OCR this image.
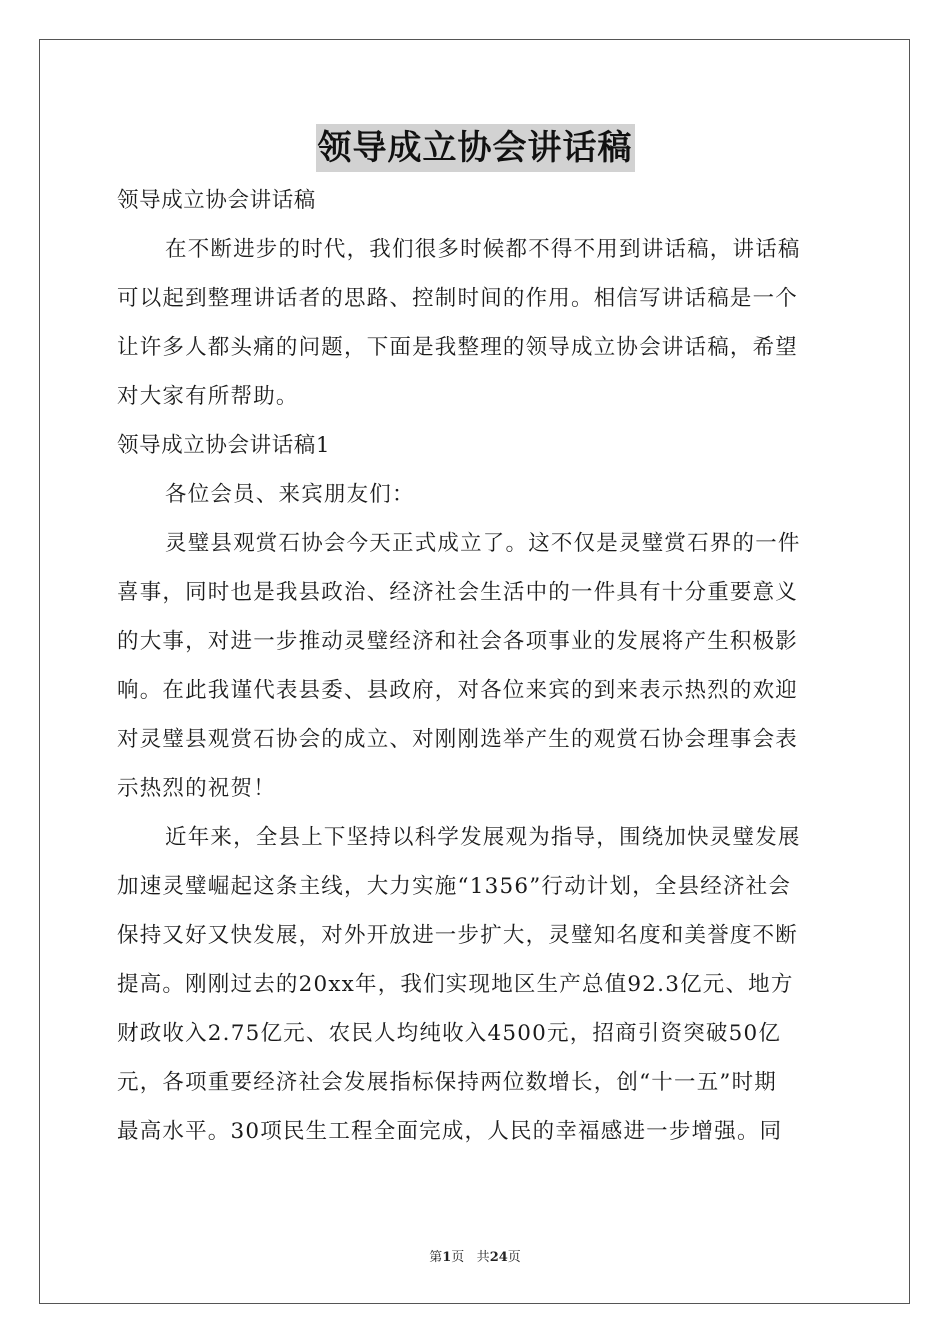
领导成立协会讲话稿
领导成立协会讲话稿
在不断进步的时代，我们很多时候都不得不用到讲话稿，讲话稿
可以起到整理讲话者的思路、控制时间的作用。相信写讲话稿是一个
让许多人都头痛的问题，下面是我整理的领导成立协会讲话稿，希望
对大家有所帮助。
领导成立协会讲话稿1
各位会员、来宾朋友们：
灵璧县观赏石协会今天正式成立了。这不仅是灵璧赏石界的一件
喜事，同时也是我县政治、经济社会生活中的一件具有十分重要意义
的大事，对进一步推动灵璧经济和社会各项事业的发展将产生积极影
响。在此我谨代表县委、县政府，对各位来宾的到来表示热烈的欢迎
对灵璧县观赏石协会的成立、对刚刚选举产生的观赏石协会理事会表
示热烈的祝贺！
近年来，全县上下坚持以科学发展观为指导，围绕加快灵璧发展
加速灵璧崛起这条主线，大力实施“1356”行动计划，全县经济社会
保持又好又快发展，对外开放进一步扩大，灵璧知名度和美誉度不断
提高。刚刚过去的20xx年，我们实现地区生产总值92.3亿元、地方
财政收入2.75亿元、农民人均纯收入4500元，招商引资突破50亿
元，各项重要经济社会发展指标保持两位数增长，创“十一五”时期
最高水平。30项民生工程全面完成，人民的幸福感进一步增强。同
第1页 共24页
